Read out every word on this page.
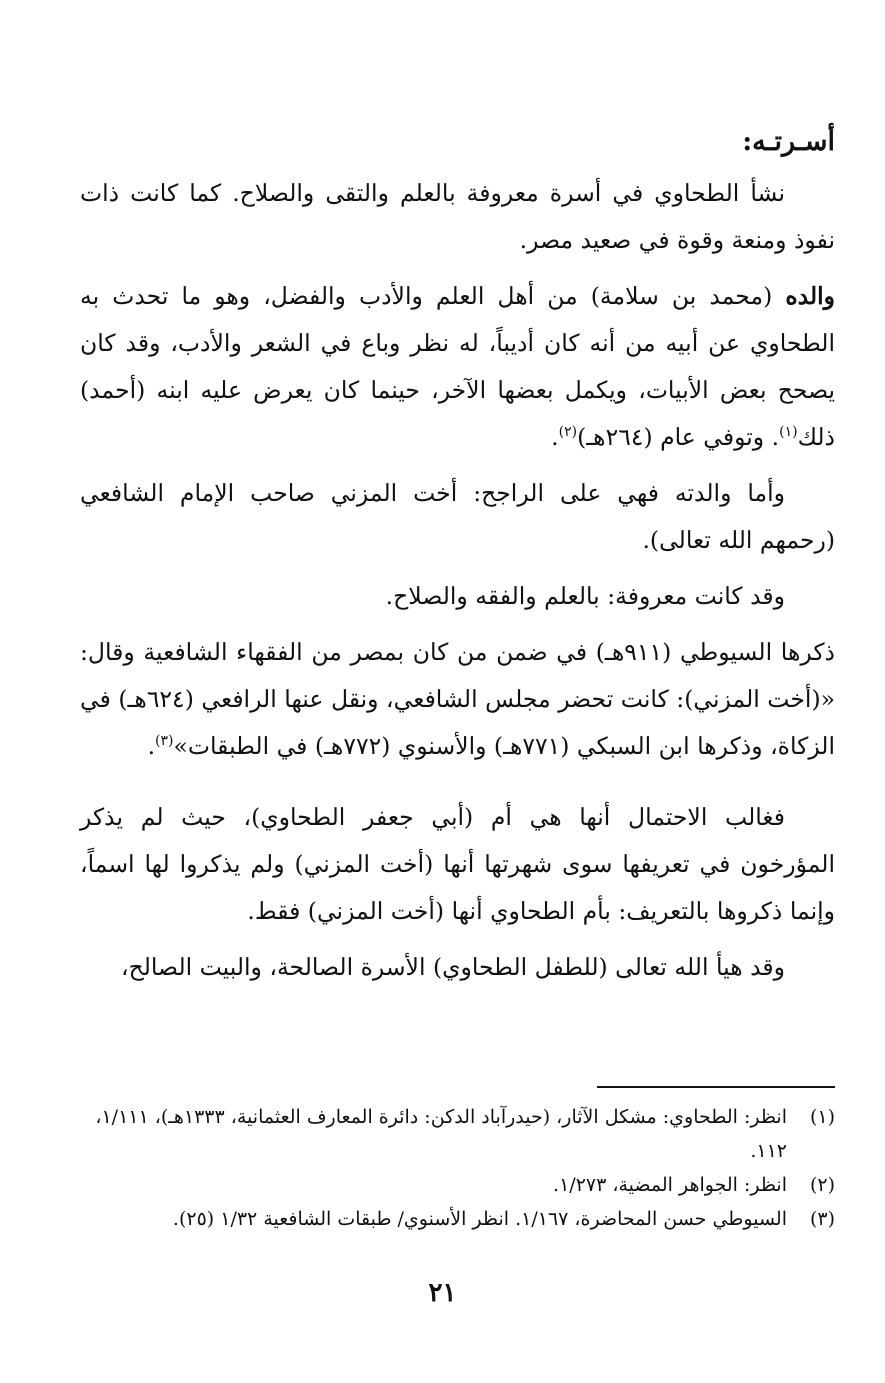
أسـرتـه:

نشأ الطحاوي في أسرة معروفة بالعلم والتقى والصلاح. كما كانت ذات نفوذ ومنعة وقوة في صعيد مصر.

والده (محمد بن سلامة) من أهل العلم والأدب والفضل، وهو ما تحدث به الطحاوي عن أبيه من أنه كان أديباً، له نظر وباع في الشعر والأدب، وقد كان يصحح بعض الأبيات، ويكمل بعضها الآخر، حينما كان يعرض عليه ابنه (أحمد) ذلك$^{(١)}$. وتوفي عام (٢٦٤هـ)$^{(٢)}$.

وأما والدته فهي على الراجح: أخت المزني صاحب الإمام الشافعي (رحمهم الله تعالى).

وقد كانت معروفة: بالعلم والفقه والصلاح.

ذكرها السيوطي (٩١١هـ) في ضمن من كان بمصر من الفقهاء الشافعية وقال: «(أخت المزني): كانت تحضر مجلس الشافعي، ونقل عنها الرافعي (٦٢٤هـ) في الزكاة، وذكرها ابن السبكي (٧٧١هـ) والأسنوي (٧٧٢هـ) في الطبقات»$^{(٣)}$.

فغالب الاحتمال أنها هي أم (أبي جعفر الطحاوي)، حيث لم يذكر المؤرخون في تعريفها سوى شهرتها أنها (أخت المزني) ولم يذكروا لها اسماً، وإنما ذكروها بالتعريف: بأم الطحاوي أنها (أخت المزني) فقط.

وقد هيأ الله تعالى (للطفل الطحاوي) الأسرة الصالحة، والبيت الصالح،

(١)
انظر: الطحاوي: مشكل الآثار، (حيدرآباد الدكن: دائرة المعارف العثمانية، ١٣٣٣هـ)، ١/١١١، ١١٢.
(٢)
انظر: الجواهر المضية، ١/٢٧٣.
(٣)
السيوطي حسن المحاضرة، ١/١٦٧. انظر الأسنوي/ طبقات الشافعية ١/٣٢ (٢٥).
٢١
